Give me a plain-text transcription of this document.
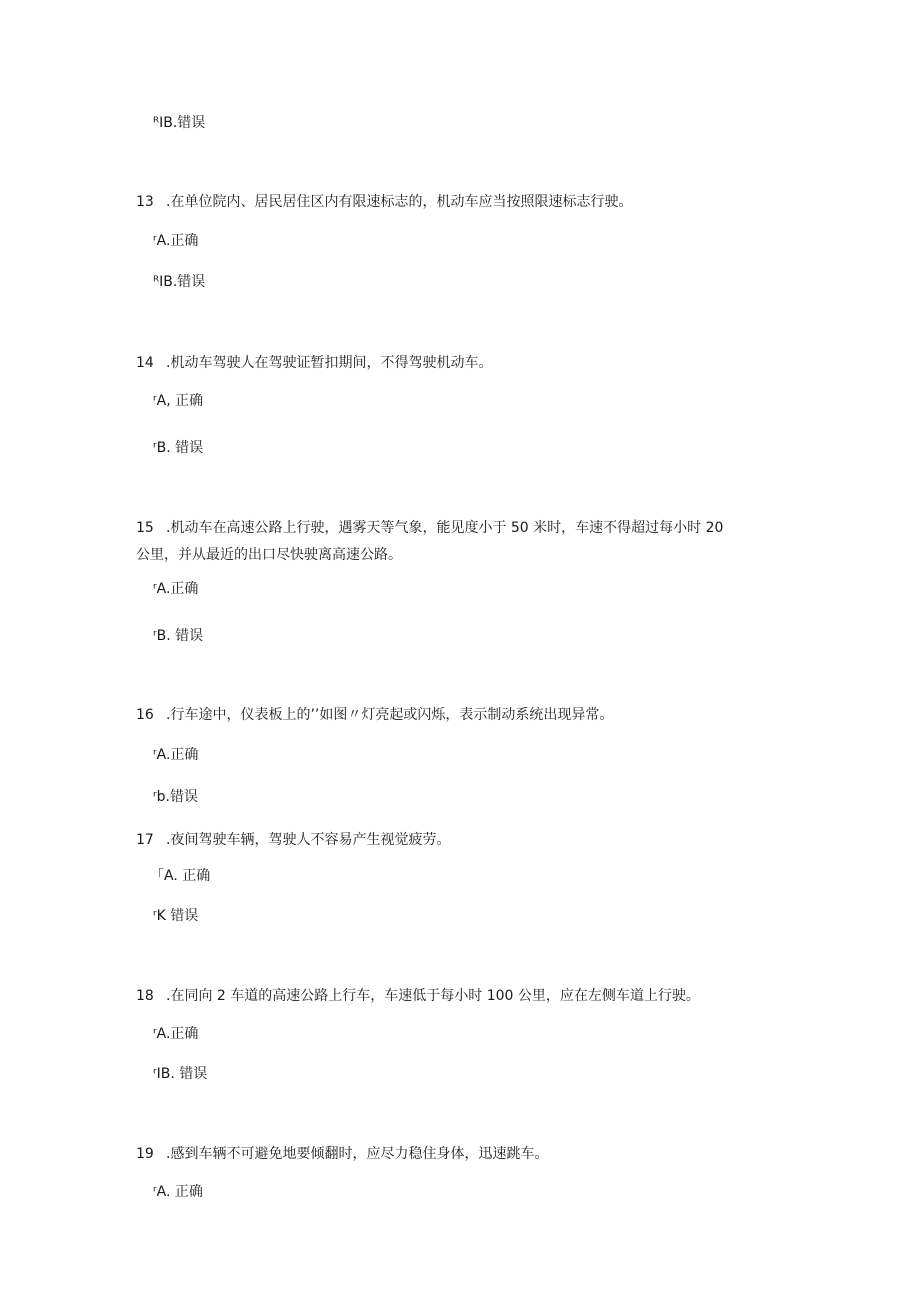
ᴿIB.错误
13 .在单位院内、居民居住区内有限速标志的，机动车应当按照限速标志行驶。
ʳA.正确
ᴿIB.错误
14 .机动车驾驶人在驾驶证暂扣期间，不得驾驶机动车。
ʳA, 正确
ʳB. 错误
15 .机动车在高速公路上行驶，遇雾天等气象，能见度小于 50 米时，车速不得超过每小时 20
公里，并从最近的出口尽快驶离高速公路。
ʳA.正确
ʳB. 错误
16 .行车途中，仪表板上的’’如图〃灯亮起或闪烁，表示制动系统出现异常。
ʳA.正确
ʳb.错误
17 .夜间驾驶车辆，驾驶人不容易产生视觉疲劳。
「A. 正确
ʳK 错误
18 .在同向 2 车道的高速公路上行车，车速低于每小时 100 公里，应在左侧车道上行驶。
ʳA.正确
ʳIB. 错误
19 .感到车辆不可避免地要倾翻时，应尽力稳住身体，迅速跳车。
ʳA. 正确
